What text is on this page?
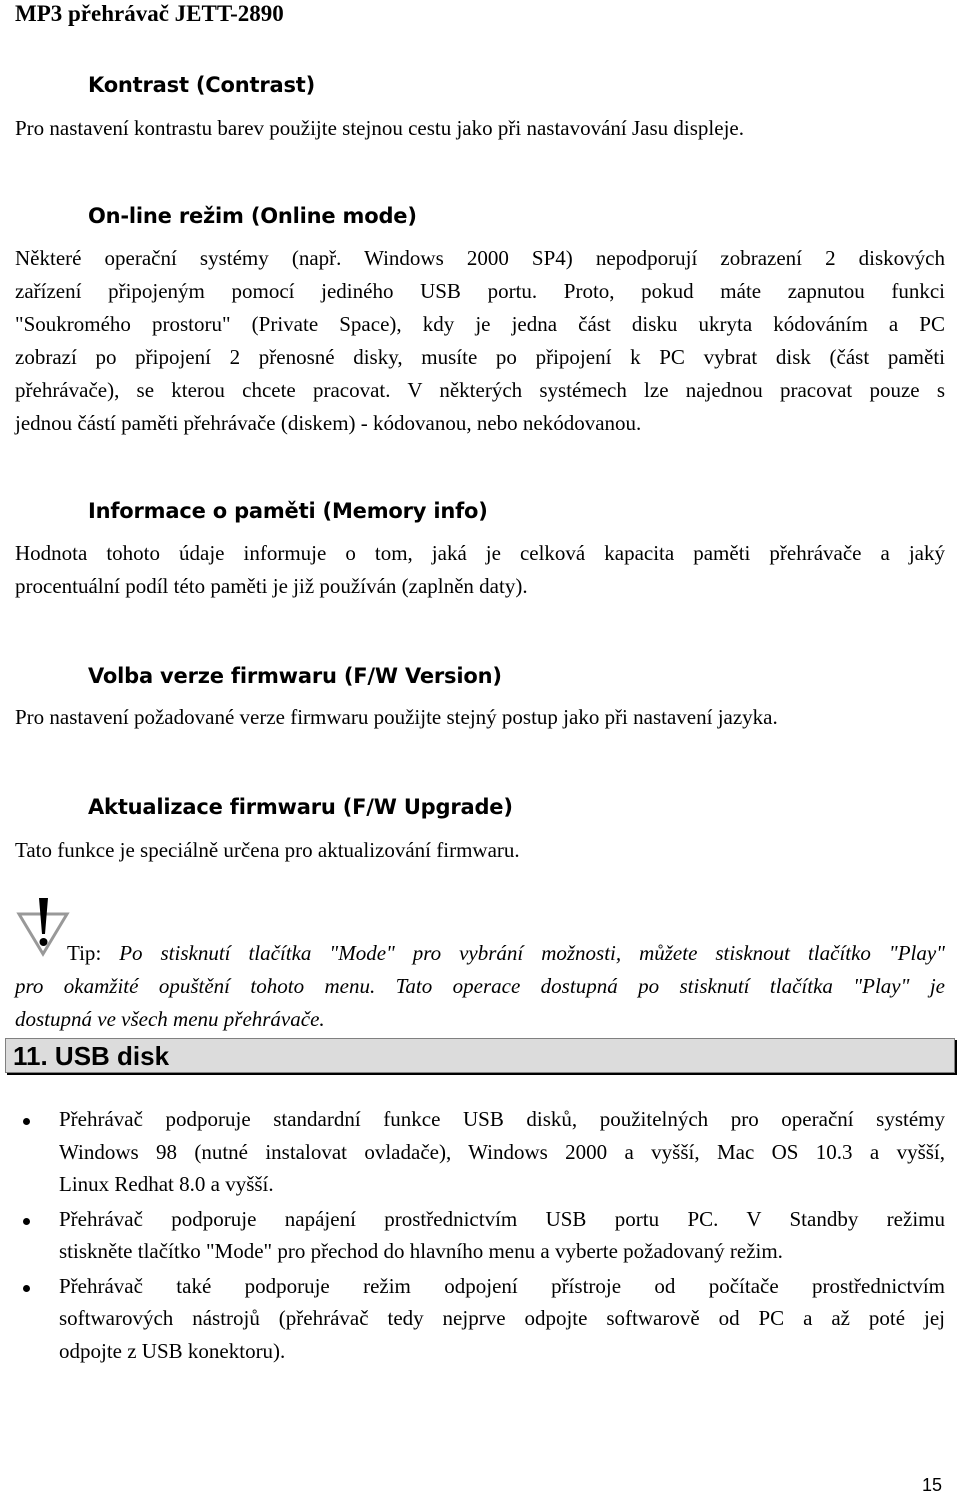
MP3 přehrávač JETT-2890
Kontrast (Contrast)
Pro nastavení kontrastu barev použijte stejnou cestu jako při nastavování Jasu displeje.
On-line režim (Online mode)
Některé operační systémy (např. Windows 2000 SP4) nepodporují zobrazení 2 diskových
zařízení připojeným pomocí jediného USB portu. Proto, pokud máte zapnutou funkci
"Soukromého prostoru" (Private Space), kdy je jedna část disku ukryta kódováním a PC
zobrazí po připojení 2 přenosné disky, musíte po připojení k PC vybrat disk (část paměti
přehrávače), se kterou chcete pracovat. V některých systémech lze najednou pracovat pouze s
jednou částí paměti přehrávače (diskem) - kódovanou, nebo nekódovanou.
Informace o paměti (Memory info)
Hodnota tohoto údaje informuje o tom, jaká je celková kapacita paměti přehrávače a jaký
procentuální podíl této paměti je již používán (zaplněn daty).
Volba verze firmwaru (F/W Version)
Pro nastavení požadované verze firmwaru použijte stejný postup jako při nastavení jazyka.
Aktualizace firmwaru (F/W Upgrade)
Tato funkce je speciálně určena pro aktualizování firmwaru.
Tip: Po stisknutí tlačítka "Mode" pro vybrání možnosti, můžete stisknout tlačítko "Play"
pro okamžité opuštění tohoto menu. Tato operace dostupná po stisknutí tlačítka "Play" je
dostupná ve všech menu přehrávače.
11. USB disk
Přehrávač podporuje standardní funkce USB disků, použitelných pro operační systémy
Windows 98 (nutné instalovat ovladače), Windows 2000 a vyšší, Mac OS 10.3 a vyšší,
Linux Redhat 8.0 a vyšší.
Přehrávač podporuje napájení prostřednictvím USB portu PC. V Standby režimu
stiskněte tlačítko "Mode" pro přechod do hlavního menu a vyberte požadovaný režim.
Přehrávač také podporuje režim odpojení přístroje od počítače prostřednictvím
softwarových nástrojů (přehrávač tedy nejprve odpojte softwarově od PC a až poté jej
odpojte z USB konektoru).
15
